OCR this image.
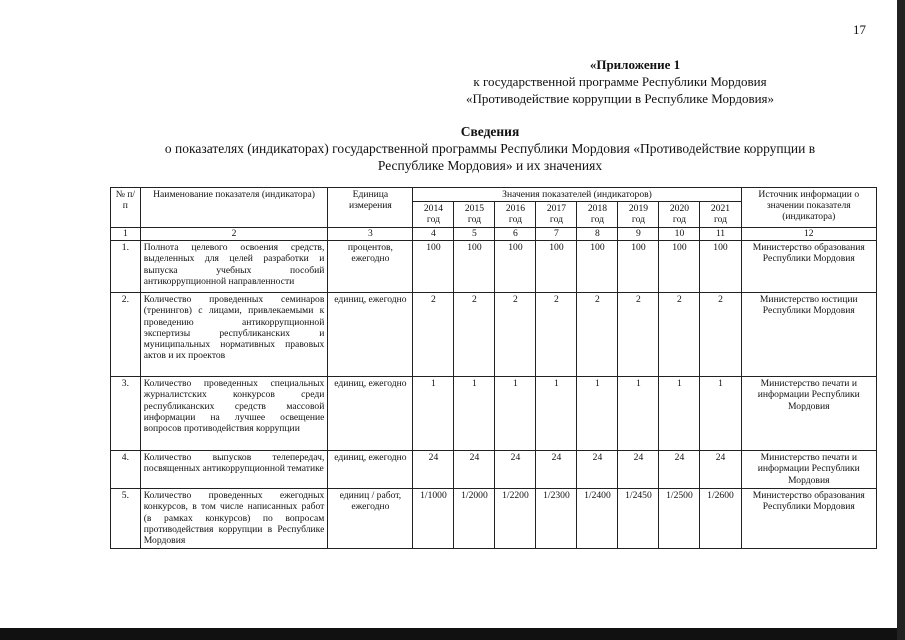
17
«Приложение 1
к государственной программе Республики Мордовия
«Противодействие коррупции в Республике Мордовия»
Сведения
о показателях (индикаторах) государственной программы Республики Мордовия «Противодействие коррупции в
Республике Мордовия» и их значениях
№ п/п	Наименование показателя (индикатора)	Единица измерения	Значения показателей (индикаторов)								Источник информации о значении показателя (индикатора)
			2014 год	2015 год	2016 год	2017 год	2018 год	2019 год	2020 год	2021 год	
1	2	3	4	5	6	7	8	9	10	11	12
1.	Полнота целевого освоения средств, выделенных для целей разработки и выпуска учебных пособий антикоррупционной направленности	процентов, ежегодно	100	100	100	100	100	100	100	100	Министерство образования Республики Мордовия
2.	Количество проведенных семинаров (тренингов) с лицами, привлекаемыми к проведению антикоррупционной экспертизы республиканских и муниципальных нормативных правовых актов и их проектов	единиц, ежегодно	2	2	2	2	2	2	2	2	Министерство юстиции Республики Мордовия
3.	Количество проведенных специальных журналистских конкурсов среди республиканских средств массовой информации на лучшее освещение вопросов противодействия коррупции	единиц, ежегодно	1	1	1	1	1	1	1	1	Министерство печати и информации Республики Мордовия
4.	Количество выпусков телепередач, посвященных антикоррупционной тематике	единиц, ежегодно	24	24	24	24	24	24	24	24	Министерство печати и информации Республики Мордовия
5.	Количество проведенных ежегодных конкурсов, в том числе написанных работ (в рамках конкурсов) по вопросам противодействия коррупции в Республике Мордовия	единиц / работ, ежегодно	1/1000	1/2000	1/2200	1/2300	1/2400	1/2450	1/2500	1/2600	Министерство образования Республики Мордовия
